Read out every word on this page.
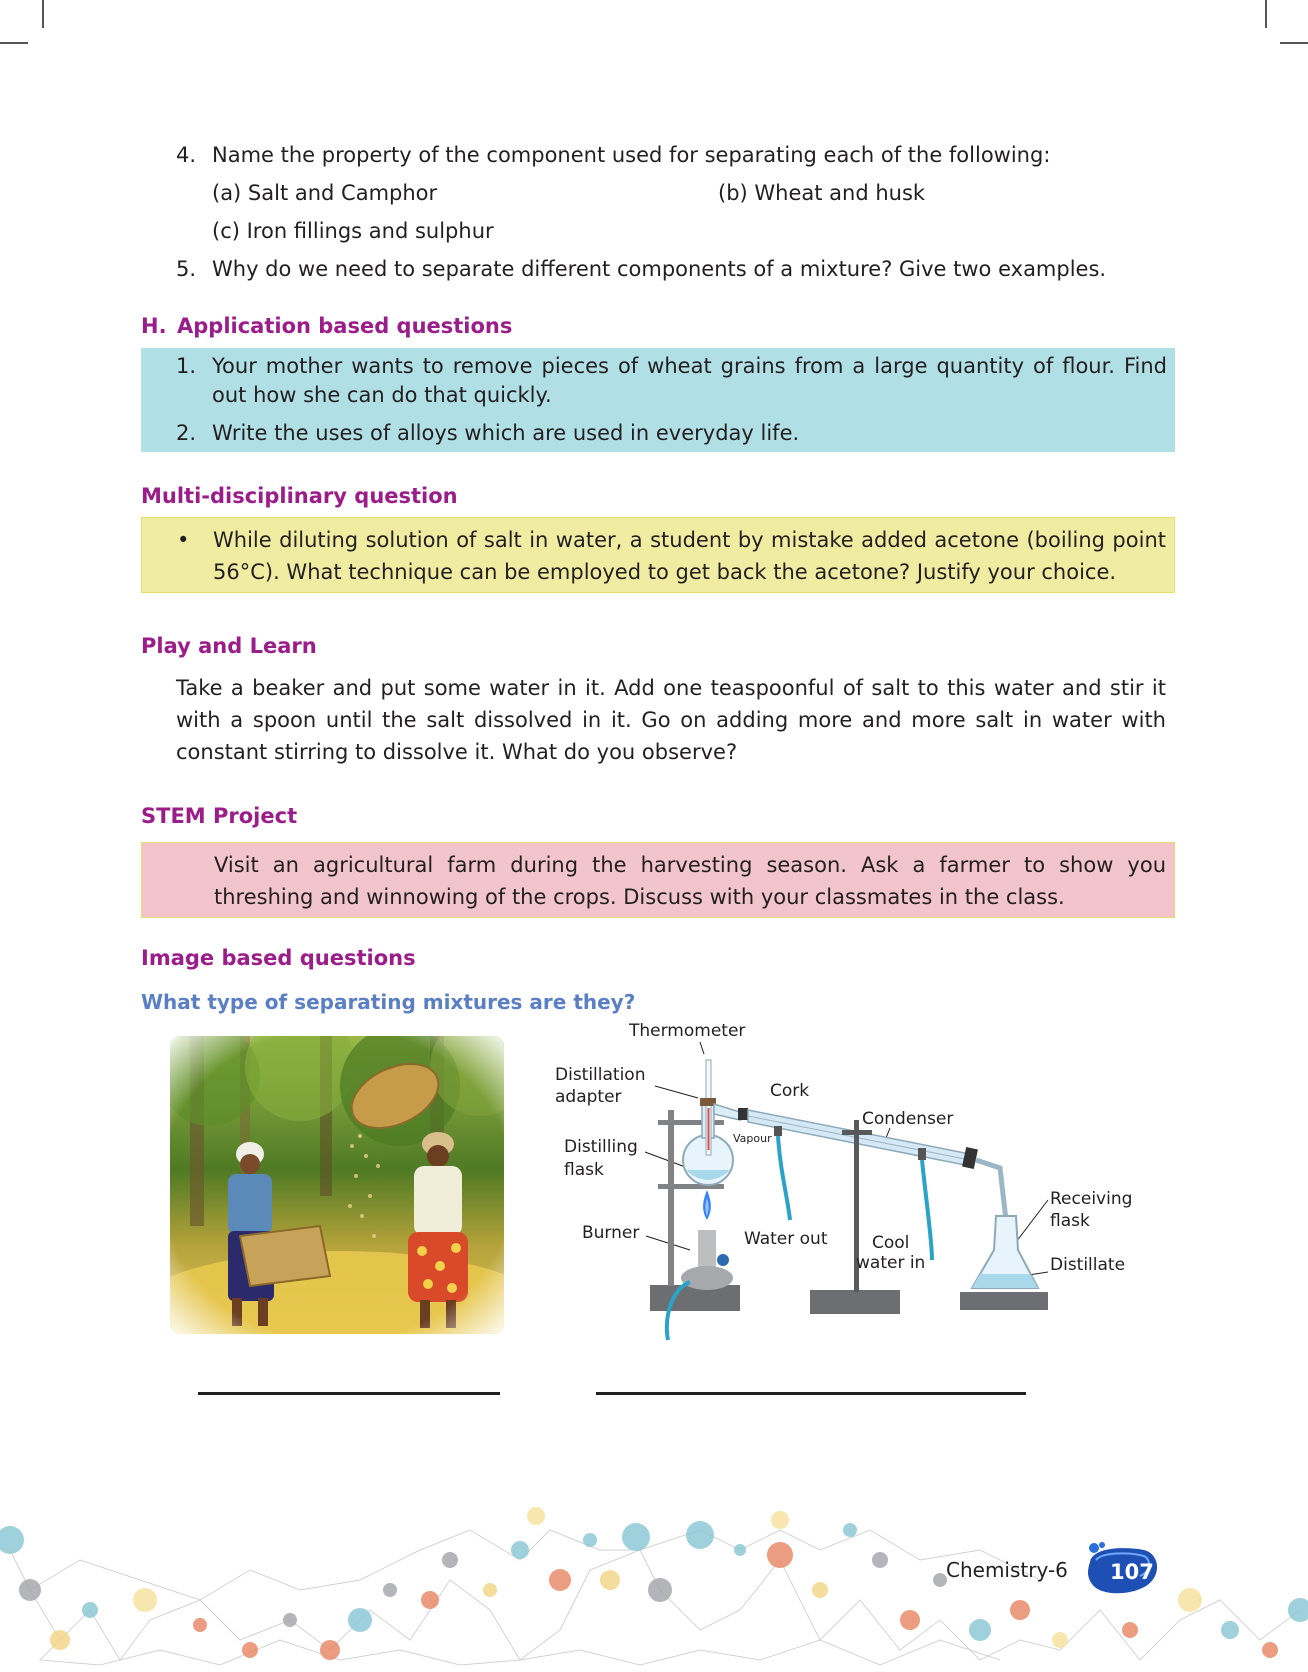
4. Name the property of the component used for separating each of the following:
(a) Salt and Camphor	(b) Wheat and husk
(c) Iron fillings and sulphur
5. Why do we need to separate different components of a mixture? Give two examples.
H. Application based questions
1. Your mother wants to remove pieces of wheat grains from a large quantity of flour. Find out how she can do that quickly.
2. Write the uses of alloys which are used in everyday life.
Multi-disciplinary question
•	While diluting solution of salt in water, a student by mistake added acetone (boiling point 56°C). What technique can be employed to get back the acetone? Justify your choice.
Play and Learn
Take a beaker and put some water in it. Add one teaspoonful of salt to this water and stir it with a spoon until the salt dissolved in it. Go on adding more and more salt in water with constant stirring to dissolve it. What do you observe?
STEM Project
Visit an agricultural farm during the harvesting season. Ask a farmer to show you threshing and winnowing of the crops. Discuss with your classmates in the class.
Image based questions
What type of separating mixtures are they?
Thermometer
Distillation
adapter	Cork
Condenser
Distilling
flask
Vapour
Burner	Water out	Cool
water in
Receiving
flask
Distillate
Chemistry-6 107
